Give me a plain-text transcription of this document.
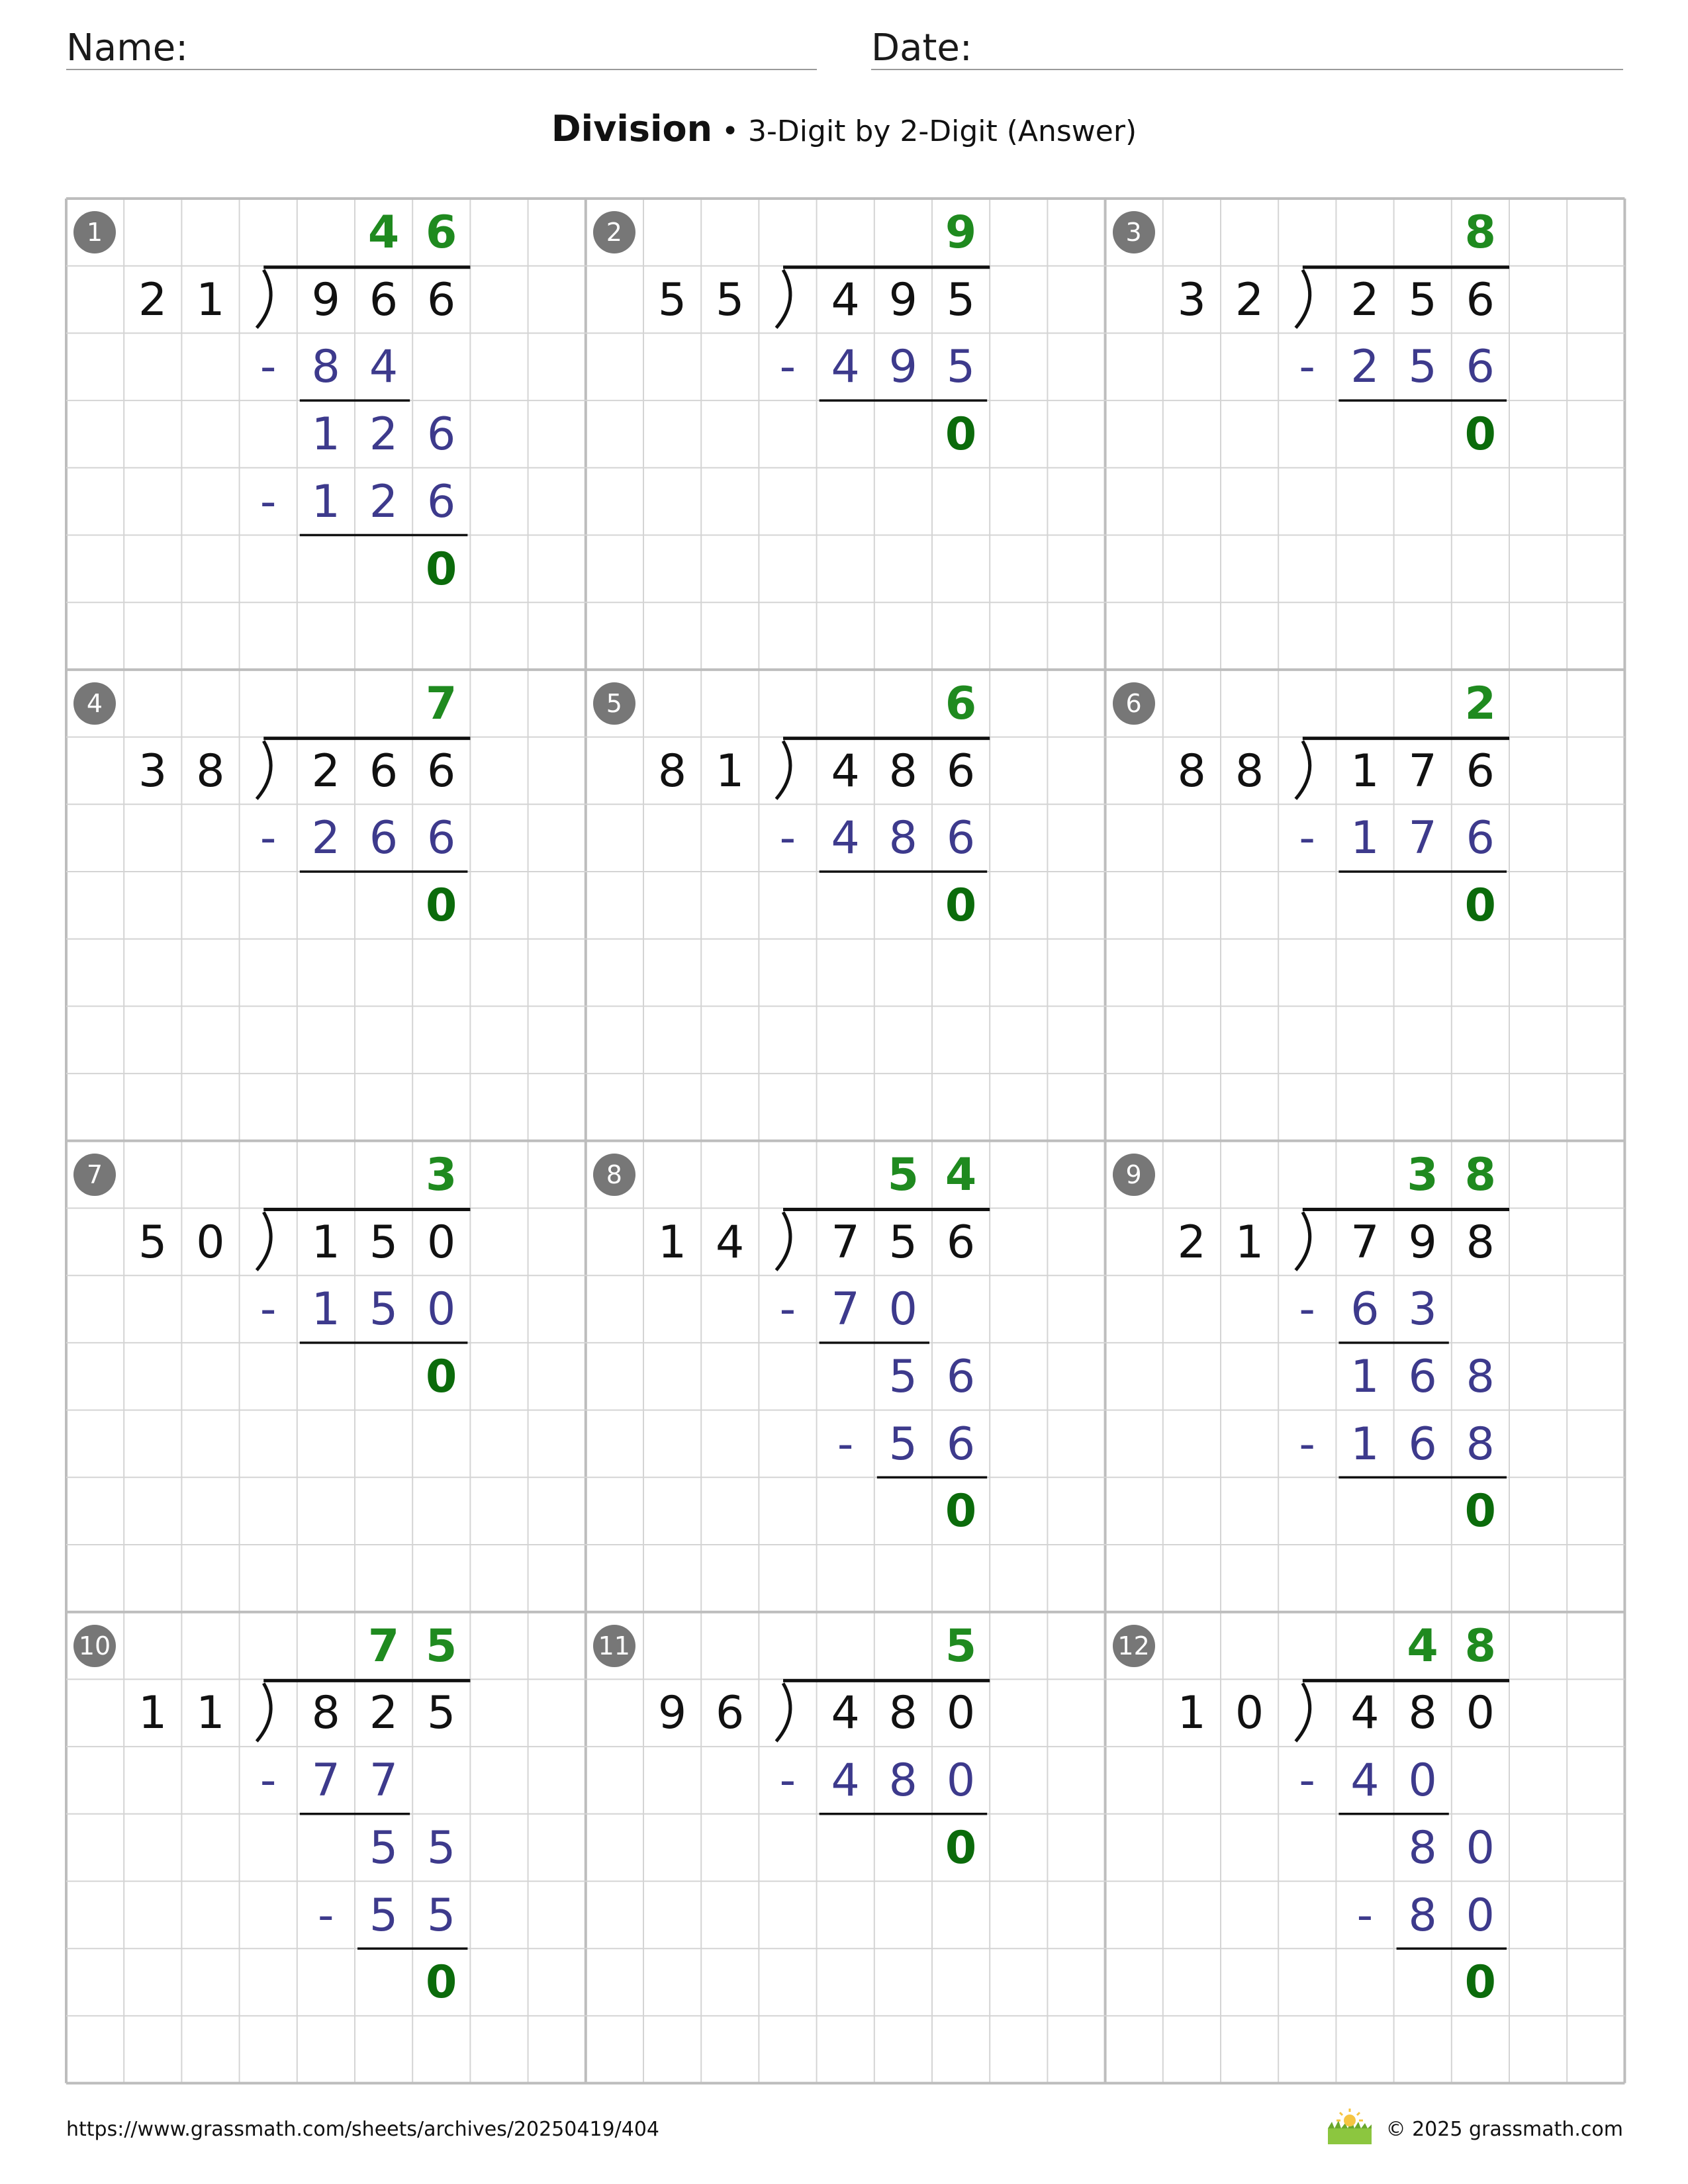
Name:	Date:
Division • 3-Digit by 2-Digit (Answer)
1
2 1	9 6 6
4 6
- 8 4
1 2 6
- 1 2 6
0
2
5 5	4 9 5
9
- 4 9 5
0
3
3 2	2 5 6
8
- 2 5 6
0
4
3 8	2 6 6
7
- 2 6 6
0
5
8 1	4 8 6
6
- 4 8 6
0
6
8 8	1 7 6
2
- 1 7 6
0
7
5 0	1 5 0
3
- 1 5 0
0
8
1 4	7 5 6
5 4
- 7 0
5 6
- 5 6
0
9
2 1	7 9 8
3 8
- 6 3
1 6 8
- 1 6 8
0
10
1 1	8 2 5
7 5
- 7 7
5 5
- 5 5
0
11
9 6	4 8 0
5
- 4 8 0
0
12
1 0	4 8 0
4 8
- 4 0
8 0
- 8 0
0
https://www.grassmath.com/sheets/archives/20250419/404	© 2025 grassmath.com
